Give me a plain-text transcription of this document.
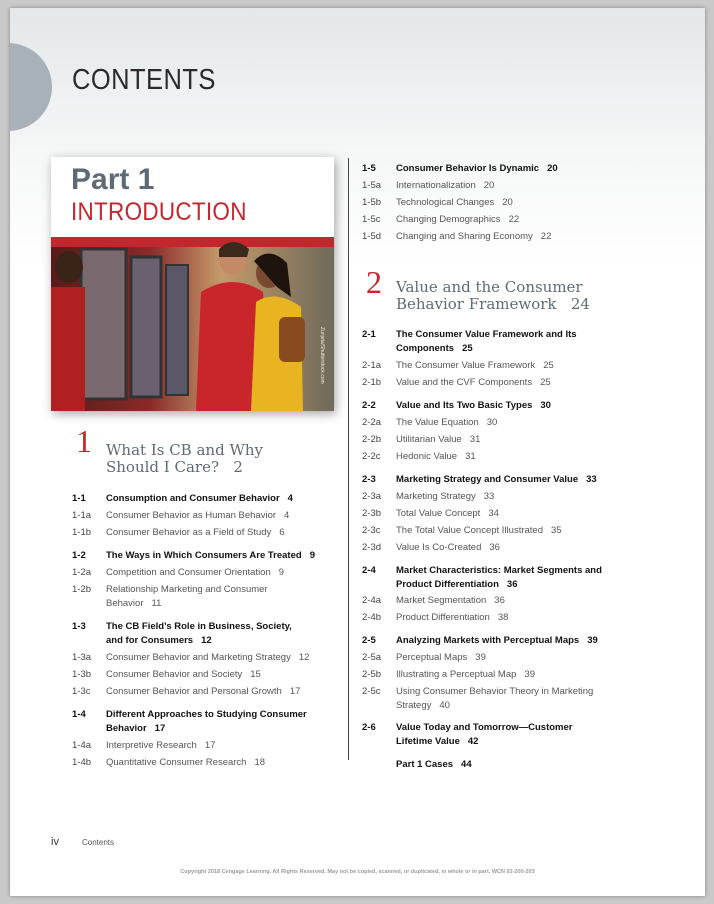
CONTENTS
Part 1
INTRODUCTION
Zurijeta/Shutterstock.com
1 What Is CB and Why
Should I Care? 2
1-1	Consumption and Consumer Behavior 4
1-1a	Consumer Behavior as Human Behavior 4
1-1b	Consumer Behavior as a Field of Study 6
1-2	The Ways in Which Consumers Are Treated 9
1-2a	Competition and Consumer Orientation 9
1-2b	Relationship Marketing and Consumer
Behavior 11
1-3	The CB Field’s Role in Business, Society,
and for Consumers 12
1-3a	Consumer Behavior and Marketing Strategy 12
1-3b	Consumer Behavior and Society 15
1-3c	Consumer Behavior and Personal Growth 17
1-4	Different Approaches to Studying Consumer
Behavior 17
1-4a	Interpretive Research 17
1-4b	Quantitative Consumer Research 18
1-5	Consumer Behavior Is Dynamic 20
1-5a	Internationalization 20
1-5b	Technological Changes 20
1-5c	Changing Demographics 22
1-5d	Changing and Sharing Economy 22
2 Value and the Consumer
Behavior Framework 24
2-1	The Consumer Value Framework and Its
Components 25
2-1a	The Consumer Value Framework 25
2-1b	Value and the CVF Components 25
2-2	Value and Its Two Basic Types 30
2-2a	The Value Equation 30
2-2b	Utilitarian Value 31
2-2c	Hedonic Value 31
2-3	Marketing Strategy and Consumer Value 33
2-3a	Marketing Strategy 33
2-3b	Total Value Concept 34
2-3c	The Total Value Concept Illustrated 35
2-3d	Value Is Co-Created 36
2-4	Market Characteristics: Market Segments and
Product Differentiation 36
2-4a	Market Segmentation 36
2-4b	Product Differentiation 38
2-5	Analyzing Markets with Perceptual Maps 39
2-5a	Perceptual Maps 39
2-5b	Illustrating a Perceptual Map 39
2-5c	Using Consumer Behavior Theory in Marketing
Strategy 40
2-6	Value Today and Tomorrow—Customer
Lifetime Value 42
Part 1 Cases 44
iv	Contents
Copyright 2018 Cengage Learning. All Rights Reserved. May not be copied, scanned, or duplicated, in whole or in part. WCN 02-200-203
